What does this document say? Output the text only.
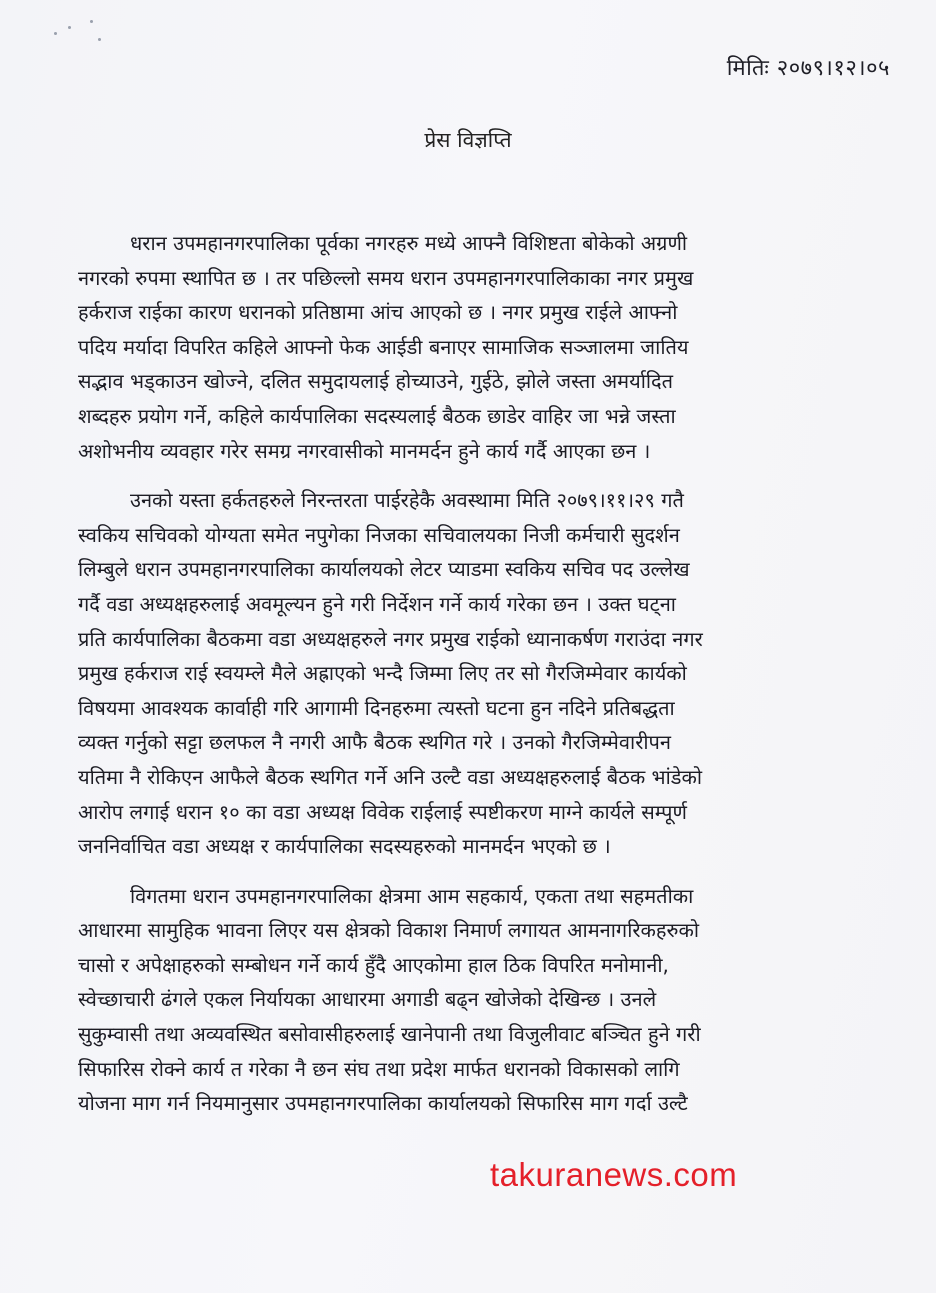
मितिः २०७९।१२।०५
प्रेस विज्ञप्ति

धरान उपमहानगरपालिका पूर्वका नगरहरु मध्ये आफ्नै विशिष्टता बोकेको अग्रणी

नगरको रुपमा स्थापित छ । तर पछिल्लो समय धरान उपमहानगरपालिकाका नगर प्रमुख

हर्कराज राईका कारण धरानको प्रतिष्ठामा आंच आएको छ । नगर प्रमुख राईले आफ्नो

पदिय मर्यादा विपरित कहिले आफ्नो फेक आईडी बनाएर सामाजिक सञ्जालमा जातिय

सद्भाव भड्काउन खोज्ने, दलित समुदायलाई होच्याउने, गुईठे, झोले जस्ता अमर्यादित

शब्दहरु प्रयोग गर्ने, कहिले कार्यपालिका सदस्यलाई बैठक छाडेर वाहिर जा भन्ने जस्ता

अशोभनीय व्यवहार गरेर समग्र नगरवासीको मानमर्दन हुने कार्य गर्दै आएका छन ।

उनको यस्ता हर्कतहरुले निरन्तरता पाईरहेकै अवस्थामा मिति २०७९।११।२९ गतै

स्वकिय सचिवको योग्यता समेत नपुगेका निजका सचिवालयका निजी कर्मचारी सुदर्शन

लिम्बुले धरान उपमहानगरपालिका कार्यालयको लेटर प्याडमा स्वकिय सचिव पद उल्लेख

गर्दै वडा अध्यक्षहरुलाई अवमूल्यन हुने गरी निर्देशन गर्ने कार्य गरेका छन । उक्त घट्ना

प्रति कार्यपालिका बैठकमा वडा अध्यक्षहरुले नगर प्रमुख राईको ध्यानाकर्षण गराउंदा नगर

प्रमुख हर्कराज राई स्वयम्ले मैले अह्राएको भन्दै जिम्मा लिए तर सो गैरजिम्मेवार कार्यको

विषयमा आवश्यक कार्वाही गरि आगामी दिनहरुमा त्यस्तो घटना हुन नदिने प्रतिबद्धता

व्यक्त गर्नुको सट्टा छलफल नै नगरी आफै बैठक स्थगित गरे । उनको गैरजिम्मेवारीपन

यतिमा नै रोकिएन आफैले बैठक स्थगित गर्ने अनि उल्टै वडा अध्यक्षहरुलाई बैठक भांडेको

आरोप लगाई धरान १० का वडा अध्यक्ष विवेक राईलाई स्पष्टीकरण माग्ने कार्यले सम्पूर्ण

जननिर्वाचित वडा अध्यक्ष र कार्यपालिका सदस्यहरुको मानमर्दन भएको छ ।

विगतमा धरान उपमहानगरपालिका क्षेत्रमा आम सहकार्य, एकता तथा सहमतीका

आधारमा सामुहिक भावना लिएर यस क्षेत्रको विकाश निमार्ण लगायत आमनागरिकहरुको

चासो र अपेक्षाहरुको सम्बोधन गर्ने कार्य हुँदै आएकोमा हाल ठिक विपरित मनोमानी,

स्वेच्छाचारी ढंगले एकल निर्यायका आधारमा अगाडी बढ्न खोजेको देखिन्छ । उनले

सुकुम्वासी तथा अव्यवस्थित बसोवासीहरुलाई खानेपानी तथा विजुलीवाट बञ्चित हुने गरी

सिफारिस रोक्ने कार्य त गरेका नै छन संघ तथा प्रदेश मार्फत धरानको विकासको लागि

योजना माग गर्न नियमानुसार उपमहानगरपालिका कार्यालयको सिफारिस माग गर्दा उल्टै

takuranews.com
